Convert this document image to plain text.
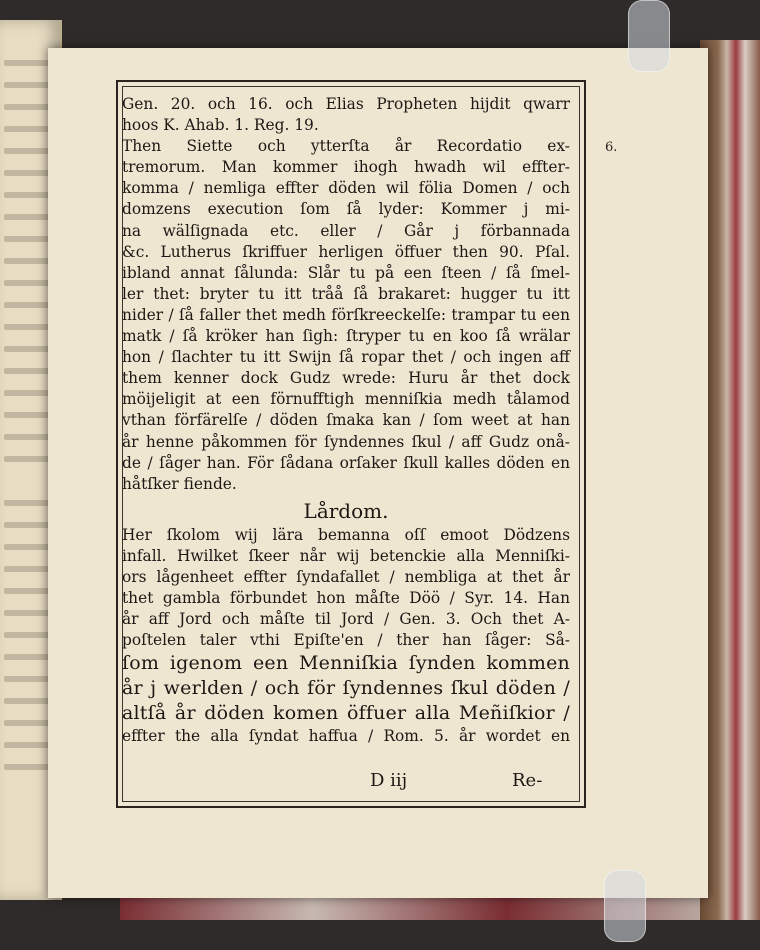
6.
Gen. 20. och 16. och Elias Propheten hijdit qwarr
hoos K. Ahab. 1. Reg. 19.
Then Siette och ytterſta år Recordatio ex-
tremorum. Man kommer ihogh hwadh wil effter-
komma / nemliga effter döden wil fölia Domen / och
domzens execution ſom ſå lyder: Kommer j mi-
na wälſignada etc. eller / Går j förbannada
&c. Lutherus ſkriffuer herligen öffuer then 90. Pſal.
ibland annat ſålunda: Slår tu på een ſteen / ſå ſmel-
ler thet: bryter tu itt tråå ſå brakaret: hugger tu itt
nider / ſå faller thet medh förſkreeckelſe: trampar tu een
matk / ſå kröker han ſigh: ſtryper tu en koo ſå wrälar
hon / ſlachter tu itt Swijn ſå ropar thet / och ingen aff
them kenner dock Gudz wrede: Huru år thet dock
möijeligit at een förnufftigh menniſkia medh tålamod
vthan förfärelſe / döden ſmaka kan / ſom weet at han
år henne påkommen för ſyndennes ſkul / aff Gudz onå-
de / ſåger han. För ſådana orſaker ſkull kalles döden en
håtſker fiende.
Lårdom.
Her ſkolom wij lära bemanna oſſ emoot Dödzens
infall. Hwilket ſkeer når wij betenckie alla Menniſki-
ors lågenheet effter ſyndafallet / nembliga at thet år
thet gambla förbundet hon måſte Döö / Syr. 14. Han
år aff Jord och måſte til Jord / Gen. 3. Och thet A-
poſtelen taler vthi Epiſte'en / ther han ſåger: Så-
ſom igenom een Menniſkia ſynden kommen
år j werlden / och för ſyndennes ſkul döden /
altſå år döden komen öffuer alla Meñiſkior /
effter the alla ſyndat haffua / Rom. 5. år wordet en
D iij	Re-
